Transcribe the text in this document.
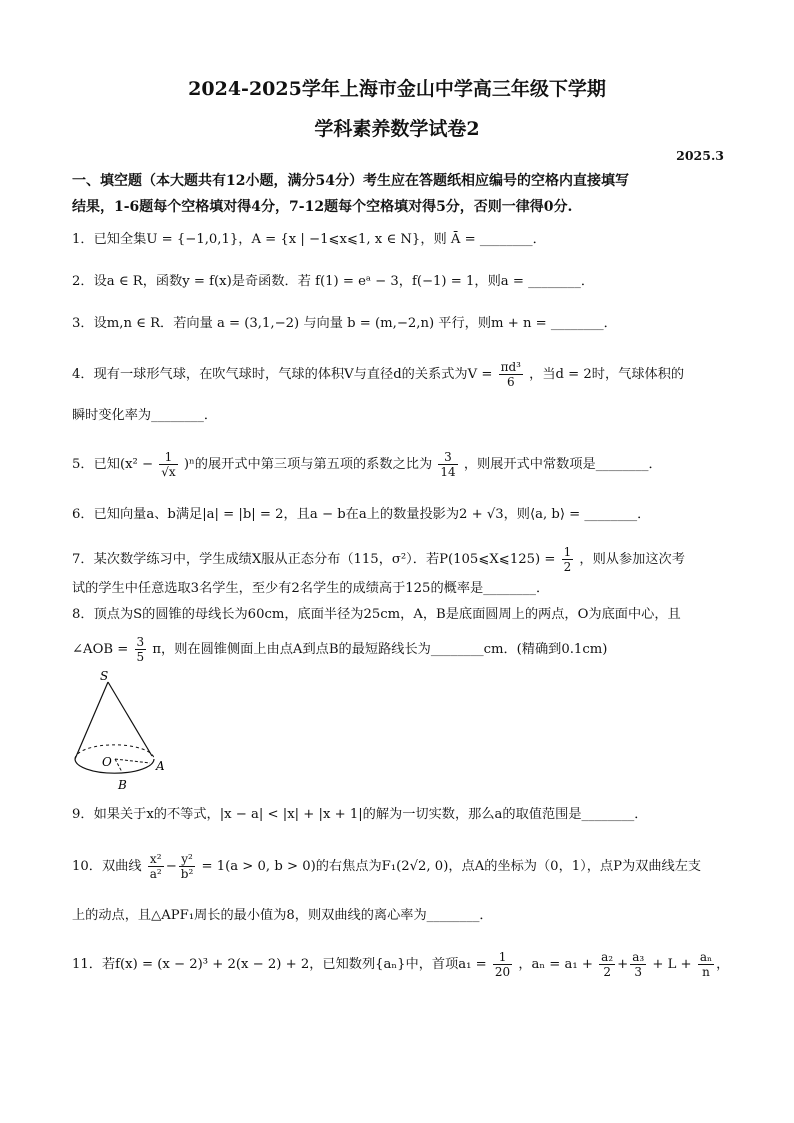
2024-2025学年上海市金山中学高三年级下学期
学科素养数学试卷2
2025.3
一、填空题（本大题共有12小题，满分54分）考生应在答题纸相应编号的空格内直接填写
结果，1-6题每个空格填对得4分，7-12题每个空格填对得5分，否则一律得0分.
1．已知全集U = {−1,0,1}，A = {x | −1⩽x⩽1, x ∈ N}，则 Ā = ________．
2．设a ∈ R，函数y = f(x)是奇函数．若 f(1) = eᵃ − 3，f(−1) = 1，则a = ________．
3．设m,n ∈ R．若向量 a = (3,1,−2) 与向量 b = (m,−2,n) 平行，则m + n = ________．
4．现有一球形气球，在吹气球时，气球的体积V与直径d的关系式为$V = \frac{\text{πd³}}{6}$ ，当d = 2时，气球体积的
瞬时变化率为________．
5．已知$(x^2 - \frac{1}{√x} )^n$的展开式中第三项与第五项的系数之比为 $\frac{3}{14}$ ，则展开式中常数项是________．
6．已知向量a、b满足|a| = |b| = 2，且a − b在a上的数量投影为2 + √3，则⟨a, b⟩ = ________．
7．某次数学练习中，学生成绩X服从正态分布（115，σ²）．若P(105⩽X⩽125) = $\frac{1}{2}$ ，则从参加这次考
试的学生中任意选取3名学生，至少有2名学生的成绩高于125的概率是________．
8．顶点为S的圆锥的母线长为60cm，底面半径为25cm，A，B是底面圆周上的两点，O为底面中心，且
∠AOB = $\frac{3}{5}$ π，则在圆锥侧面上由点A到点B的最短路线长为________cm．(精确到0.1cm)
S
O	A
B
9．如果关于x的不等式，|x − a| < |x| + |x + 1|的解为一切实数，那么a的取值范围是________．
10．双曲线 $\frac{\text{x²}}{\text{a²}} - \frac{\text{y²}}{\text{b²}} = 1(a > 0$, b > 0)的右焦点为F₁(2√2, 0)，点A的坐标为（0，1），点P为双曲线左支
上的动点，且△APF₁周长的最小值为8，则双曲线的离心率为________．
11．若f(x) = (x − 2)³ + 2(x − 2) + 2，已知数列{aₙ}中，首项$a_1 = \frac{1}{20}$ ，$a_n = a_1 + \frac{\text{a₂}}{2} + \frac{\text{a₃}}{3} + L + \frac{\text{aₙ}}{n}$ ，
